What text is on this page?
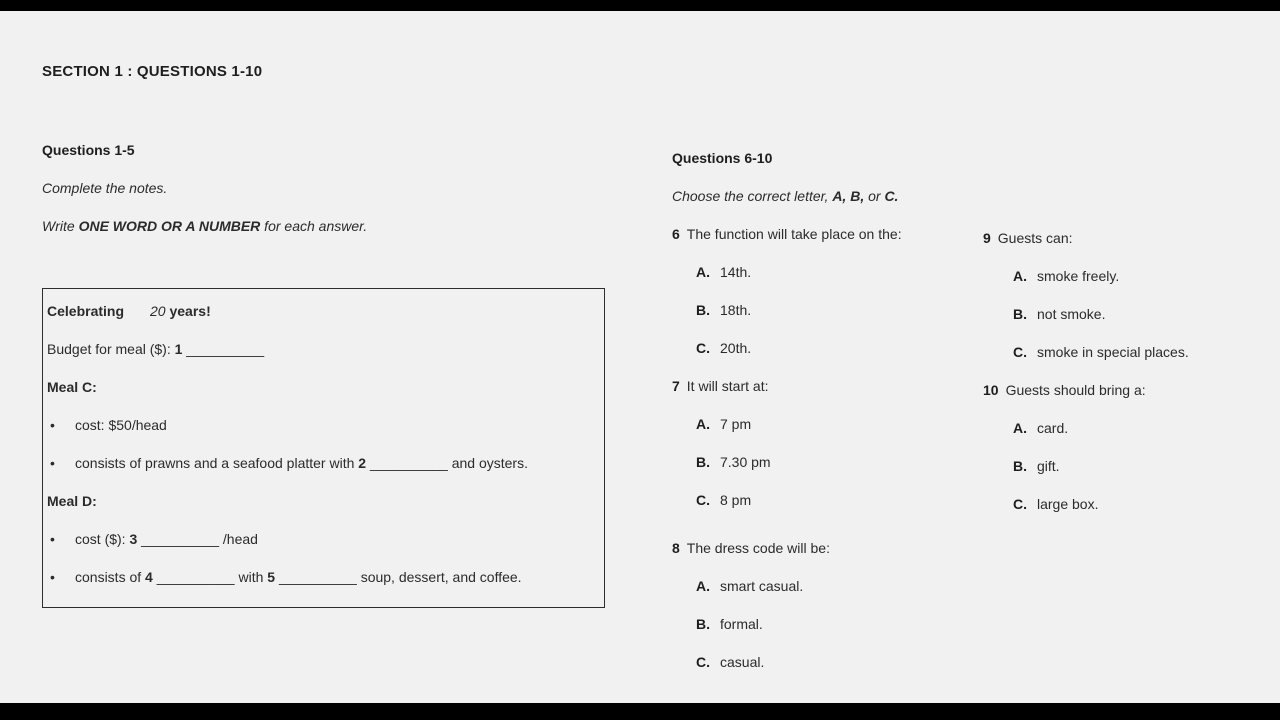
SECTION 1 : QUESTIONS 1-10
Questions 1-5
Complete the notes.
Write ONE WORD OR A NUMBER for each answer.
Celebrating 20 years!
Budget for meal ($): 1 __________
Meal C:
•	cost: $50/head
•	consists of prawns and a seafood platter with 2 __________ and oysters.
Meal D:
•	cost ($): 3 __________ /head
•	consists of 4 __________ with 5 __________ soup, dessert, and coffee.
Questions 6-10
Choose the correct letter, A, B, or C.
6 The function will take place on the:
A. 14th.
B. 18th.
C. 20th.
7 It will start at:
A. 7 pm
B. 7.30 pm
C. 8 pm
8 The dress code will be:
A. smart casual.
B. formal.
C. casual.
9 Guests can:
A. smoke freely.
B. not smoke.
C. smoke in special places.
10 Guests should bring a:
A. card.
B. gift.
C. large box.
